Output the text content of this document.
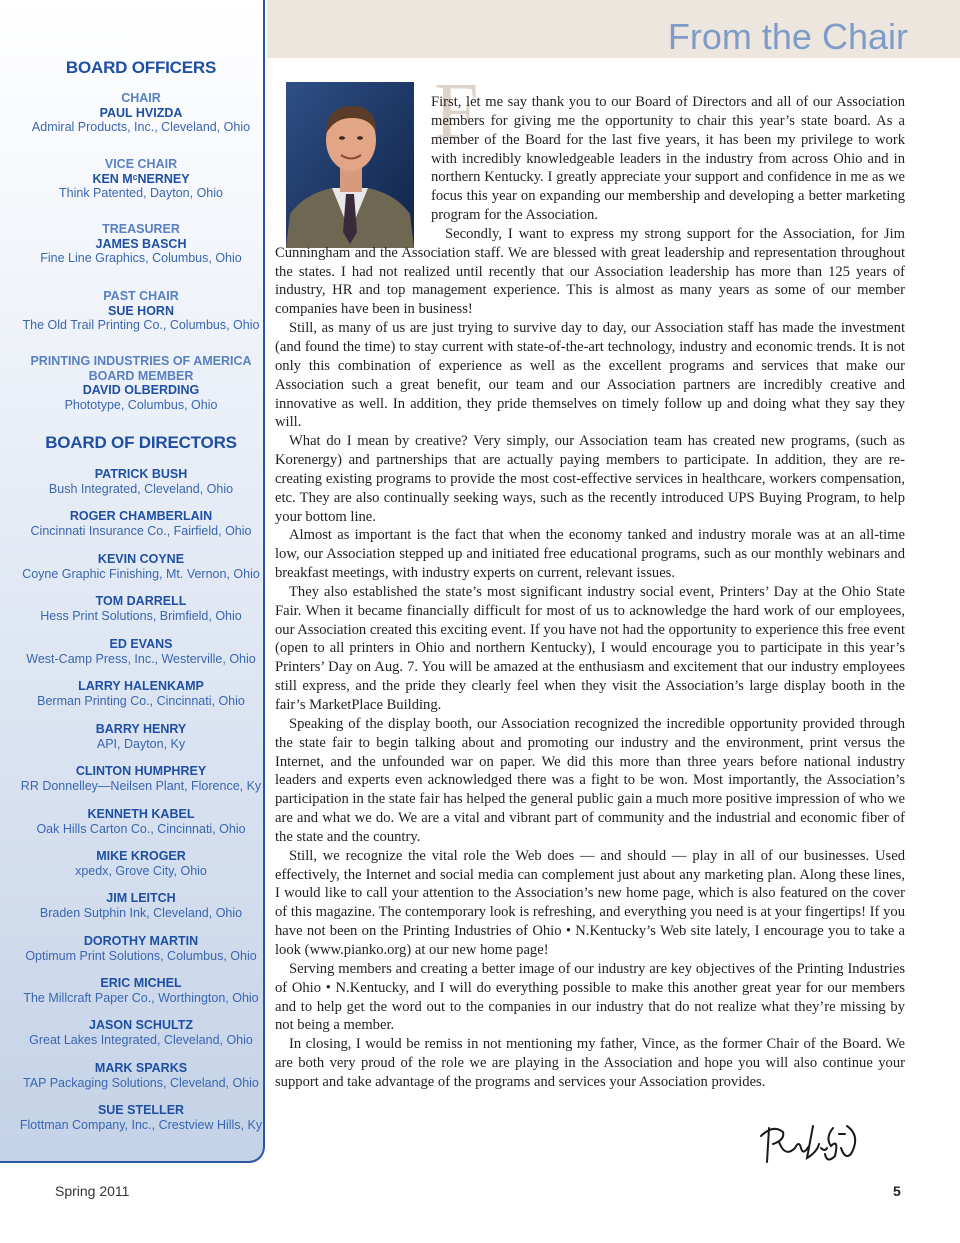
BOARD OFFICERS
CHAIR
PAUL HVIZDA
Admiral Products, Inc., Cleveland, Ohio
VICE CHAIR
KEN MᶜNERNEY
Think Patented, Dayton, Ohio
TREASURER
JAMES BASCH
Fine Line Graphics, Columbus, Ohio
PAST CHAIR
SUE HORN
The Old Trail Printing Co., Columbus, Ohio
PRINTING INDUSTRIES OF AMERICA
BOARD MEMBER
DAVID OLBERDING
Phototype, Columbus, Ohio
BOARD OF DIRECTORS
PATRICK BUSH
Bush Integrated, Cleveland, Ohio
ROGER CHAMBERLAIN
Cincinnati Insurance Co., Fairfield, Ohio
KEVIN COYNE
Coyne Graphic Finishing, Mt. Vernon, Ohio
TOM DARRELL
Hess Print Solutions, Brimfield, Ohio
ED EVANS
West-Camp Press, Inc., Westerville, Ohio
LARRY HALENKAMP
Berman Printing Co., Cincinnati, Ohio
BARRY HENRY
API, Dayton, Ky
CLINTON HUMPHREY
RR Donnelley—Neilsen Plant, Florence, Ky
KENNETH KABEL
Oak Hills Carton Co., Cincinnati, Ohio
MIKE KROGER
xpedx, Grove City, Ohio
JIM LEITCH
Braden Sutphin Ink, Cleveland, Ohio
DOROTHY MARTIN
Optimum Print Solutions, Columbus, Ohio
ERIC MICHEL
The Millcraft Paper Co., Worthington, Ohio
JASON SCHULTZ
Great Lakes Integrated, Cleveland, Ohio
MARK SPARKS
TAP Packaging Solutions, Cleveland, Ohio
SUE STELLER
Flottman Company, Inc., Crestview Hills, Ky
From the Chair
F

First, let me say thank you to our Board of Directors and all of our Association members for giving me the opportunity to chair this year’s state board. As a member of the Board for the last five years, it has been my privilege to work with incredibly knowledgeable leaders in the industry from across Ohio and in northern Kentucky. I greatly appreciate your support and confidence in me as we focus this year on expanding our membership and developing a better marketing program for the Association.

Secondly, I want to express my strong support for the Association, for Jim Cunningham and the Association staff. We are blessed with great leadership and representation throughout the states. I had not realized until recently that our Association leadership has more than 125 years of industry, HR and top management experience. This is almost as many years as some of our member companies have been in business!

Still, as many of us are just trying to survive day to day, our Association staff has made the investment (and found the time) to stay current with state-of-the-art technology, industry and economic trends. It is not only this combination of experience as well as the excellent programs and services that make our Association such a great benefit, our team and our Association partners are incredibly creative and innovative as well. In addition, they pride themselves on timely follow up and doing what they say they will.

What do I mean by creative? Very simply, our Association team has created new programs, (such as Korenergy) and partnerships that are actually paying members to participate. In addition, they are re-creating existing programs to provide the most cost-effective services in healthcare, workers compensation, etc. They are also continually seeking ways, such as the recently introduced UPS Buying Program, to help your bottom line.

Almost as important is the fact that when the economy tanked and industry morale was at an all-time low, our Association stepped up and initiated free educational programs, such as our monthly webinars and breakfast meetings, with industry experts on current, relevant issues.

They also established the state’s most significant industry social event, Printers’ Day at the Ohio State Fair. When it became financially difficult for most of us to acknowledge the hard work of our employees, our Association created this exciting event. If you have not had the opportunity to experience this free event (open to all printers in Ohio and northern Kentucky), I would encourage you to participate in this year’s Printers’ Day on Aug. 7. You will be amazed at the enthusiasm and excitement that our industry employees still express, and the pride they clearly feel when they visit the Association’s large display booth in the fair’s MarketPlace Building.

Speaking of the display booth, our Association recognized the incredible opportunity provided through the state fair to begin talking about and promoting our industry and the environment, print versus the Internet, and the unfounded war on paper. We did this more than three years before national industry leaders and experts even acknowledged there was a fight to be won. Most importantly, the Association’s participation in the state fair has helped the general public gain a much more positive impression of who we are and what we do. We are a vital and vibrant part of community and the industrial and economic fiber of the state and the country.

Still, we recognize the vital role the Web does — and should — play in all of our businesses. Used effectively, the Internet and social media can complement just about any marketing plan. Along these lines, I would like to call your attention to the Association’s new home page, which is also featured on the cover of this magazine. The contemporary look is refreshing, and everything you need is at your fingertips! If you have not been on the Printing Industries of Ohio • N.Kentucky’s Web site lately, I encourage you to take a look (www.pianko.org) at our new home page!

Serving members and creating a better image of our industry are key objectives of the Printing Industries of Ohio • N.Kentucky, and I will do everything possible to make this another great year for our members and to help get the word out to the companies in our industry that do not realize what they’re missing by not being a member.

In closing, I would be remiss in not mentioning my father, Vince, as the former Chair of the Board. We are both very proud of the role we are playing in the Association and hope you will also continue your support and take advantage of the programs and services your Association provides.

Spring 2011	5
